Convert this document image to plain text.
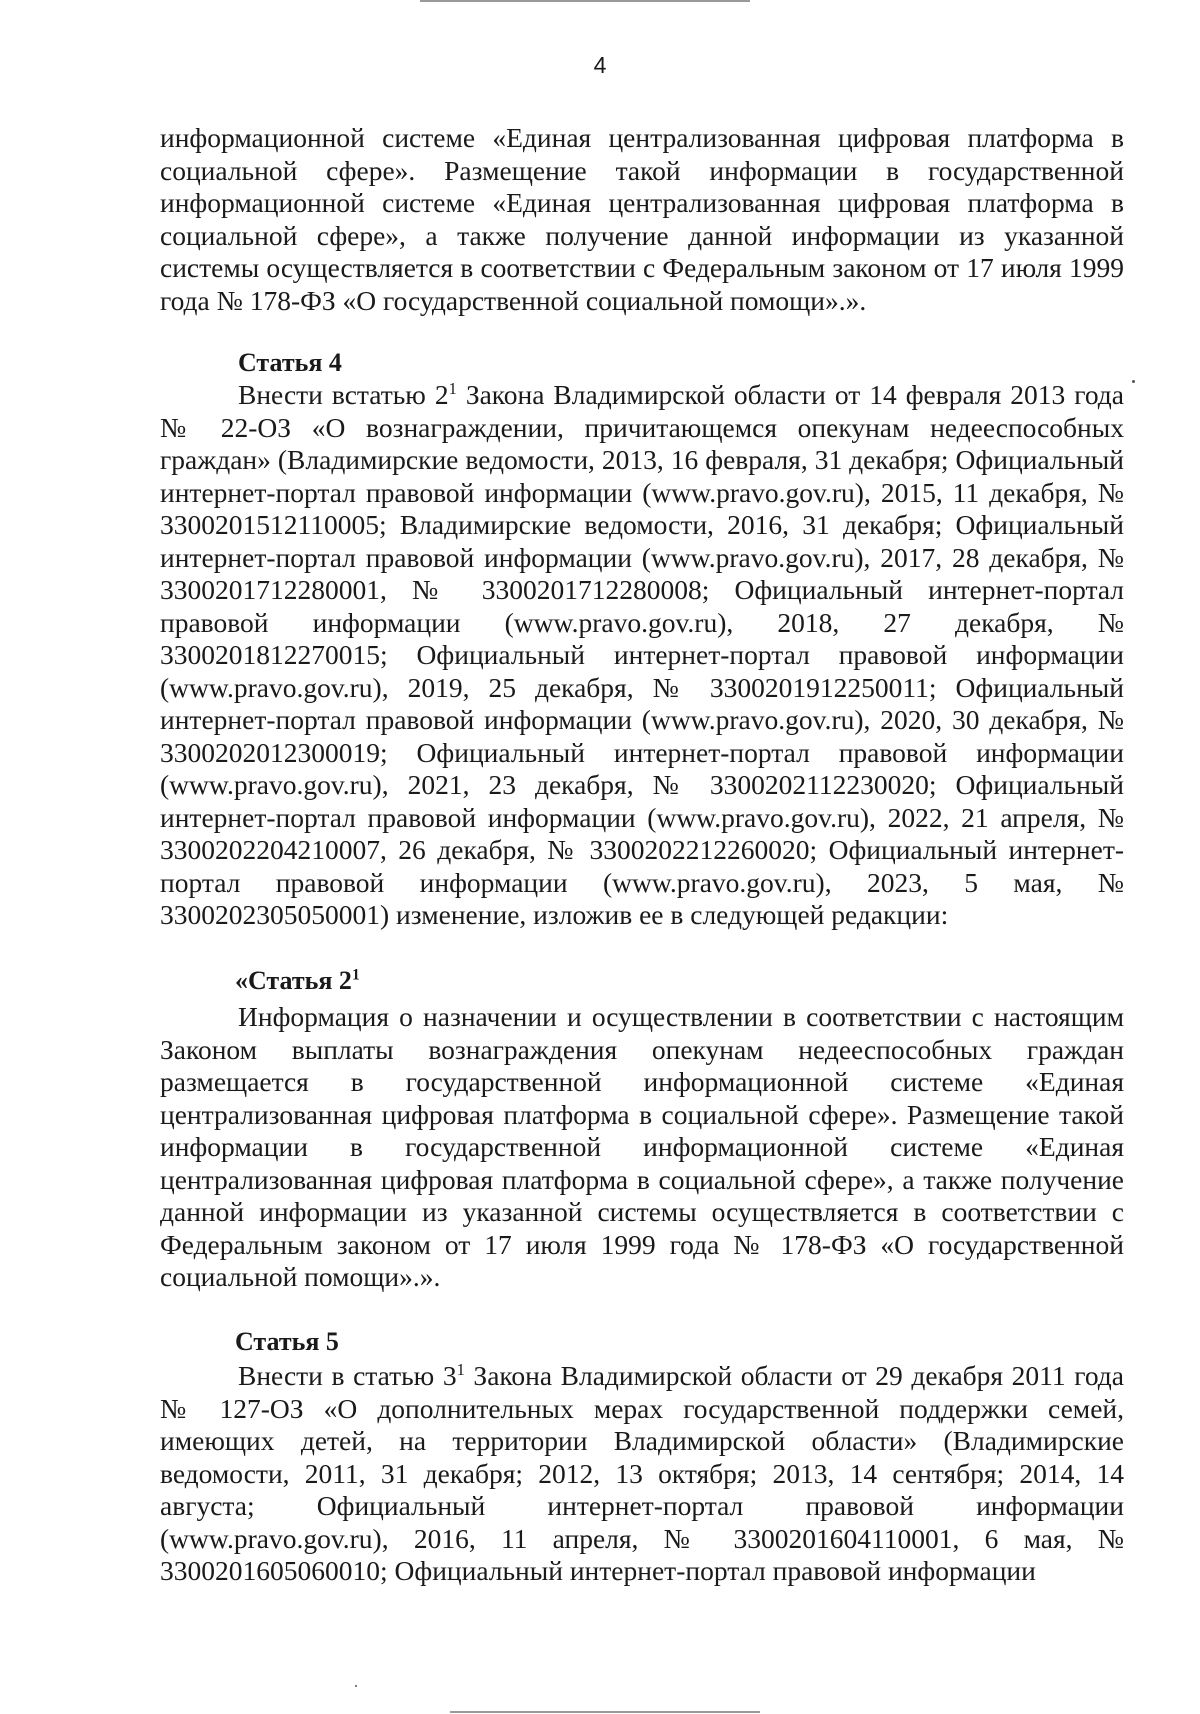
4

информационной системе «Единая централизованная цифровая платформа в социальной сфере». Размещение такой информации в государственной информационной системе «Единая централизованная цифровая платформа в социальной сфере», а также получение данной информации из указанной системы осуществляется в соответствии с Федеральным законом от 17 июля 1999 года № 178-ФЗ «О государственной социальной помощи».».

Статья 4

Внести встатью $2^1$ Закона Владимирской области от 14 февраля 2013 года № 22-ОЗ «О вознаграждении, причитающемся опекунам недееспособных граждан» (Владимирские ведомости, 2013, 16 февраля, 31 декабря; Официальный интернет-портал правовой информации (www.pravo.gov.ru), 2015, 11 декабря, № 3300201512110005; Владимирские ведомости, 2016, 31 декабря; Официальный интернет-портал правовой информации (www.pravo.gov.ru), 2017, 28 декабря, № 3300201712280001, № 3300201712280008; Официальный интернет-портал правовой информации (www.pravo.gov.ru), 2018, 27 декабря, № 3300201812270015; Официальный интернет-портал правовой информации (www.pravo.gov.ru), 2019, 25 декабря, № 3300201912250011; Официальный интернет-портал правовой информации (www.pravo.gov.ru), 2020, 30 декабря, № 3300202012300019; Официальный интернет-портал правовой информации (www.pravo.gov.ru), 2021, 23 декабря, № 3300202112230020; Официальный интернет-портал правовой информации (www.pravo.gov.ru), 2022, 21 апреля, № 3300202204210007, 26 декабря, № 3300202212260020; Официальный интернет-портал правовой информации (www.pravo.gov.ru), 2023, 5 мая, № 3300202305050001) изменение, изложив ее в следующей редакции:

«Статья $2^1$

Информация о назначении и осуществлении в соответствии с настоящим Законом выплаты вознаграждения опекунам недееспособных граждан размещается в государственной информационной системе «Единая централизованная цифровая платформа в социальной сфере». Размещение такой информации в государственной информационной системе «Единая централизованная цифровая платформа в социальной сфере», а также получение данной информации из указанной системы осуществляется в соответствии с Федеральным законом от 17 июля 1999 года № 178-ФЗ «О государственной социальной помощи».».

Статья 5

Внести в статью $3^1$ Закона Владимирской области от 29 декабря 2011 года № 127-ОЗ «О дополнительных мерах государственной поддержки семей, имеющих детей, на территории Владимирской области» (Владимирские ведомости, 2011, 31 декабря; 2012, 13 октября; 2013, 14 сентября; 2014, 14 августа; Официальный интернет-портал правовой информации (www.pravo.gov.ru), 2016, 11 апреля, № 3300201604110001, 6 мая, № 3300201605060010; Официальный интернет-портал правовой информации
